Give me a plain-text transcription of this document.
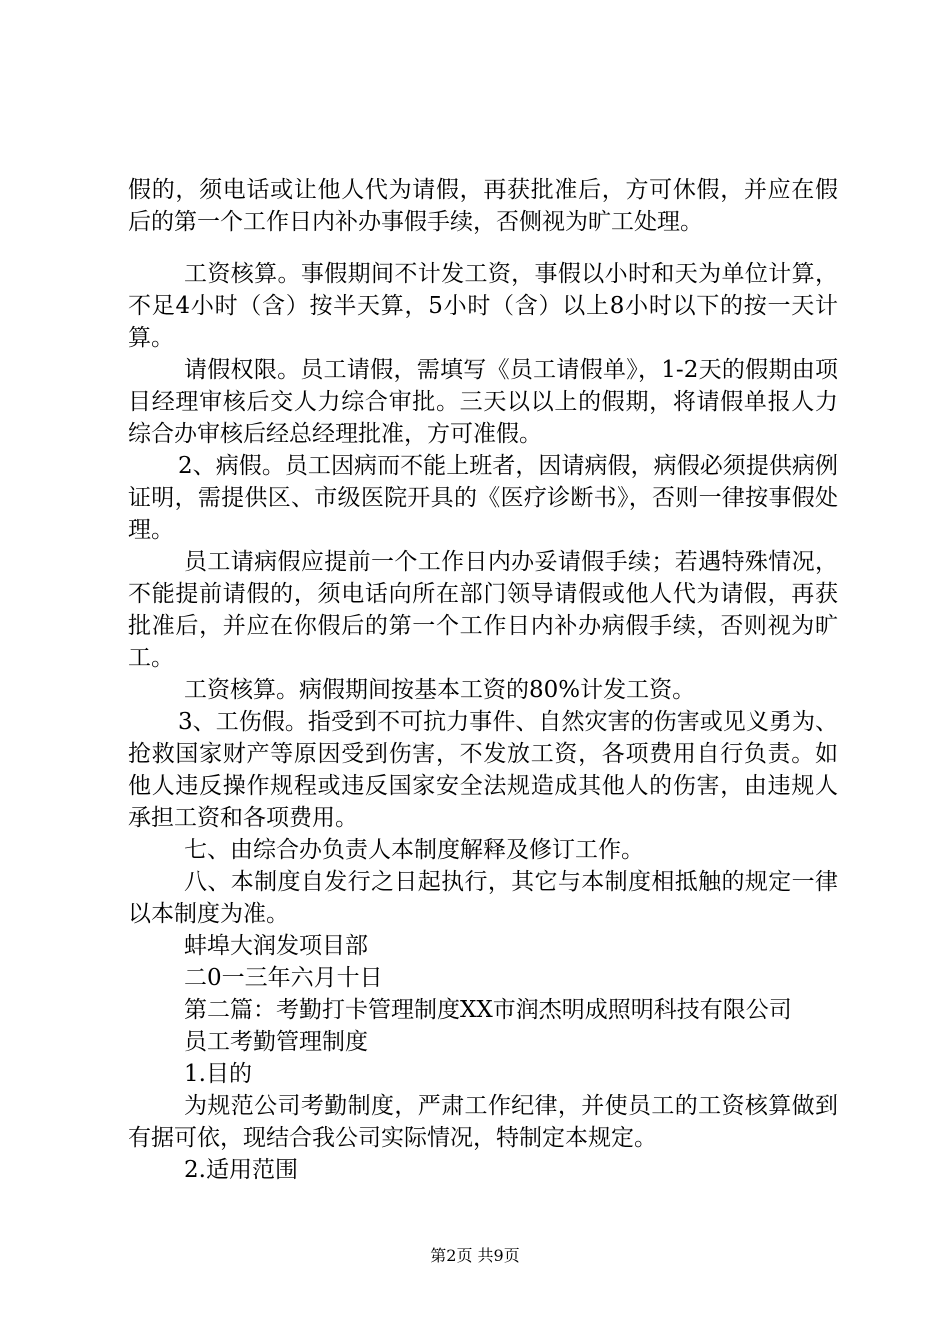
假的，须电话或让他人代为请假，再获批准后，方可休假，并应在假后的第一个工作日内补办事假手续，否侧视为旷工处理。

工资核算。事假期间不计发工资，事假以小时和天为单位计算，不足4小时（含）按半天算，5小时（含）以上8小时以下的按一天计算。

请假权限。员工请假，需填写《员工请假单》，1-2天的假期由项目经理审核后交人力综合审批。三天以以上的假期，将请假单报人力综合办审核后经总经理批准，方可准假。

2、病假。员工因病而不能上班者，因请病假，病假必须提供病例证明，需提供区、市级医院开具的《医疗诊断书》，否则一律按事假处理。

员工请病假应提前一个工作日内办妥请假手续；若遇特殊情况，不能提前请假的，须电话向所在部门领导请假或他人代为请假，再获批准后，并应在你假后的第一个工作日内补办病假手续，否则视为旷工。

工资核算。病假期间按基本工资的80%计发工资。

3、工伤假。指受到不可抗力事件、自然灾害的伤害或见义勇为、抢救国家财产等原因受到伤害，不发放工资，各项费用自行负责。如他人违反操作规程或违反国家安全法规造成其他人的伤害，由违规人承担工资和各项费用。

七、由综合办负责人本制度解释及修订工作。

八、本制度自发行之日起执行，其它与本制度相抵触的规定一律以本制度为准。

蚌埠大润发项目部

二0一三年六月十日

第二篇：考勤打卡管理制度XX市润杰明成照明科技有限公司

员工考勤管理制度

1.目的

为规范公司考勤制度，严肃工作纪律，并使员工的工资核算做到有据可依，现结合我公司实际情况，特制定本规定。

2.适用范围

第2页 共9页
